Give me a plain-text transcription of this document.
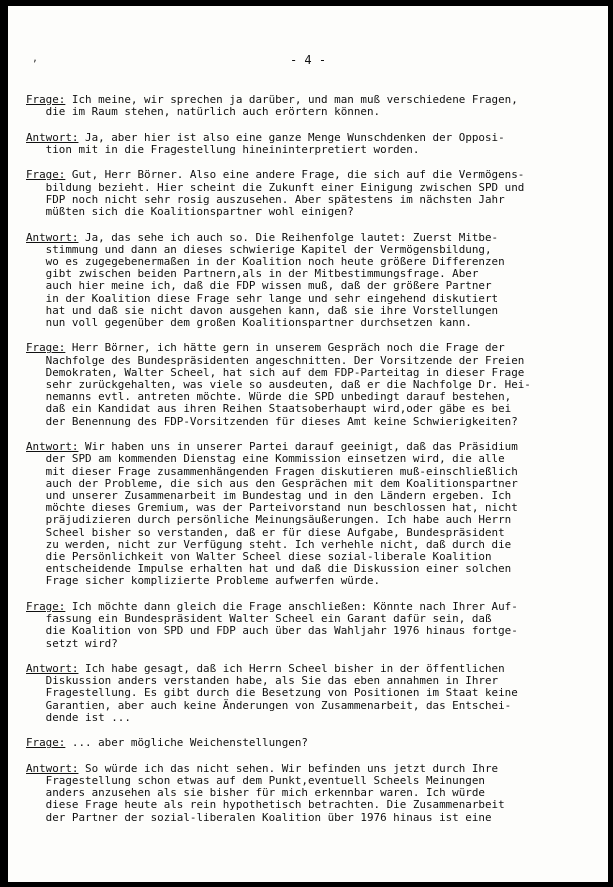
‚	- 4 -
Frage: Ich meine, wir sprechen ja darüber, und man muß verschiedene Fragen,
die im Raum stehen, natürlich auch erörtern können.
Antwort: Ja, aber hier ist also eine ganze Menge Wunschdenken der Opposi-
tion mit in die Fragestellung hineininterpretiert worden.
Frage: Gut, Herr Börner. Also eine andere Frage, die sich auf die Vermögens-
bildung bezieht. Hier scheint die Zukunft einer Einigung zwischen SPD und
FDP noch nicht sehr rosig auszusehen. Aber spätestens im nächsten Jahr
müßten sich die Koalitionspartner wohl einigen?
Antwort: Ja, das sehe ich auch so. Die Reihenfolge lautet: Zuerst Mitbe-
stimmung und dann an dieses schwierige Kapitel der Vermögensbildung,
wo es zugegebenermaßen in der Koalition noch heute größere Differenzen
gibt zwischen beiden Partnern,als in der Mitbestimmungsfrage. Aber
auch hier meine ich, daß die FDP wissen muß, daß der größere Partner
in der Koalition diese Frage sehr lange und sehr eingehend diskutiert
hat und daß sie nicht davon ausgehen kann, daß sie ihre Vorstellungen
nun voll gegenüber dem großen Koalitionspartner durchsetzen kann.
Frage: Herr Börner, ich hätte gern in unserem Gespräch noch die Frage der
Nachfolge des Bundespräsidenten angeschnitten. Der Vorsitzende der Freien
Demokraten, Walter Scheel, hat sich auf dem FDP-Parteitag in dieser Frage
sehr zurückgehalten, was viele so ausdeuten, daß er die Nachfolge Dr. Hei-
nemanns evtl. antreten möchte. Würde die SPD unbedingt darauf bestehen,
daß ein Kandidat aus ihren Reihen Staatsoberhaupt wird,oder gäbe es bei
der Benennung des FDP-Vorsitzenden für dieses Amt keine Schwierigkeiten?
Antwort: Wir haben uns in unserer Partei darauf geeinigt, daß das Präsidium
der SPD am kommenden Dienstag eine Kommission einsetzen wird, die alle
mit dieser Frage zusammenhängenden Fragen diskutieren muß-einschließlich
auch der Probleme, die sich aus den Gesprächen mit dem Koalitionspartner
und unserer Zusammenarbeit im Bundestag und in den Ländern ergeben. Ich
möchte dieses Gremium, was der Parteivorstand nun beschlossen hat, nicht
präjudizieren durch persönliche Meinungsäußerungen. Ich habe auch Herrn
Scheel bisher so verstanden, daß er für diese Aufgabe, Bundespräsident
zu werden, nicht zur Verfügung steht. Ich verhehle nicht, daß durch die
die Persönlichkeit von Walter Scheel diese sozial-liberale Koalition
entscheidende Impulse erhalten hat und daß die Diskussion einer solchen
Frage sicher komplizierte Probleme aufwerfen würde.
Frage: Ich möchte dann gleich die Frage anschließen: Könnte nach Ihrer Auf-
fassung ein Bundespräsident Walter Scheel ein Garant dafür sein, daß
die Koalition von SPD und FDP auch über das Wahljahr 1976 hinaus fortge-
setzt wird?
Antwort: Ich habe gesagt, daß ich Herrn Scheel bisher in der öffentlichen
Diskussion anders verstanden habe, als Sie das eben annahmen in Ihrer
Fragestellung. Es gibt durch die Besetzung von Positionen im Staat keine
Garantien, aber auch keine Änderungen von Zusammenarbeit, das Entschei-
dende ist ...
Frage: ... aber mögliche Weichenstellungen?
Antwort: So würde ich das nicht sehen. Wir befinden uns jetzt durch Ihre
Fragestellung schon etwas auf dem Punkt,eventuell Scheels Meinungen
anders anzusehen als sie bisher für mich erkennbar waren. Ich würde
diese Frage heute als rein hypothetisch betrachten. Die Zusammenarbeit
der Partner der sozial-liberalen Koalition über 1976 hinaus ist eine
